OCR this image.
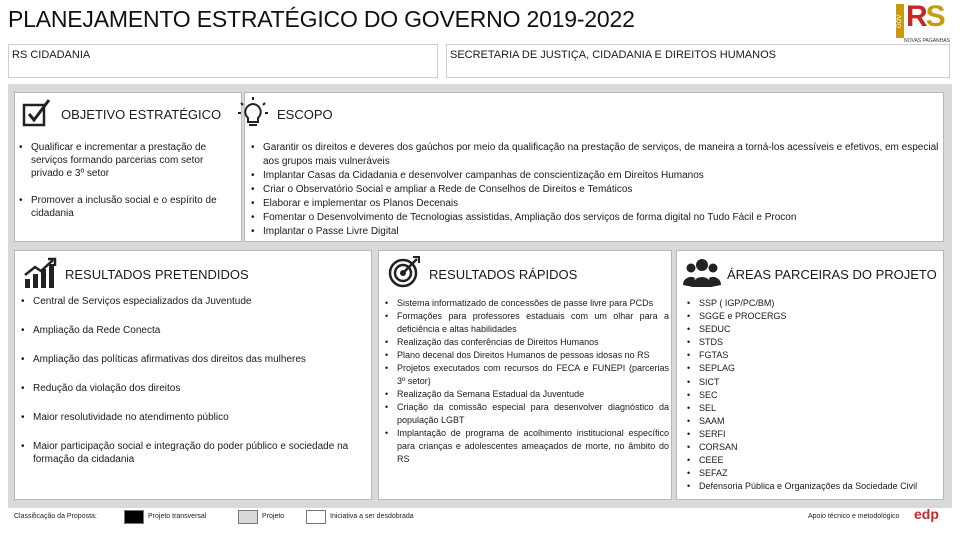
PLANEJAMENTO ESTRATÉGICO DO GOVERNO 2019-2022	GOV RS
NOVAS PAGANHAS
RS CIDADANIA	SECRETARIA DE JUSTIÇA, CIDADANIA E DIREITOS HUMANOS
OBJETIVO ESTRATÉGICO
• Qualificar e incrementar a prestação de serviços formando parcerias com setor privado e 3º setor
• Promover a inclusão social e o espírito de cidadania
ESCOPO
• Garantir os direitos e deveres dos gaúchos por meio da qualificação na prestação de serviços, de maneira a torná-los acessíveis e efetivos, em especial aos grupos mais vulneráveis
• Implantar Casas da Cidadania e desenvolver campanhas de conscientização em Direitos Humanos
• Criar o Observatório Social e ampliar a Rede de Conselhos de Direitos e Temáticos
• Elaborar e implementar os Planos Decenais
• Fomentar o Desenvolvimento de Tecnologias assistidas, Ampliação dos serviços de forma digital no Tudo Fácil e Procon
• Implantar o Passe Livre Digital
RESULTADOS PRETENDIDOS
• Central de Serviços especializados da Juventude
• Ampliação da Rede Conecta
• Ampliação das políticas afirmativas dos direitos das mulheres
• Redução da violação dos direitos
• Maior resolutividade no atendimento público
• Maior participação social e integração do poder público e sociedade na formação da cidadania
RESULTADOS RÁPIDOS
• Sistema informatizado de concessões de passe livre para PCDs
• Formações para professores estaduais com um olhar para a deficiência e altas habilidades
• Realização das conferências de Direitos Humanos
• Plano decenal dos Direitos Humanos de pessoas idosas no RS
• Projetos executados com recursos do FECA e FUNEPI (parcerias 3º setor)
• Realização da Semana Estadual da Juventude
• Criação da comissão especial para desenvolver diagnóstico da população LGBT
• Implantação de programa de acolhimento institucional específico para crianças e adolescentes ameaçados de morte, no âmbito do RS
ÁREAS PARCEIRAS DO PROJETO
• SSP ( IGP/PC/BM)
• SGGE e PROCERGS
• SEDUC
• STDS
• FGTAS
• SEPLAG
• SICT
• SEC
• SEL
• SAAM
• SERFI
• CORSAN
• CEEE
• SEFAZ
• Defensoria Pública e Organizações da Sociedade Civil
Classificação da Proposta:	Projeto transversal	Projeto	Iniciativa a ser desdobrada	Apoio técnico e metodológico edp
